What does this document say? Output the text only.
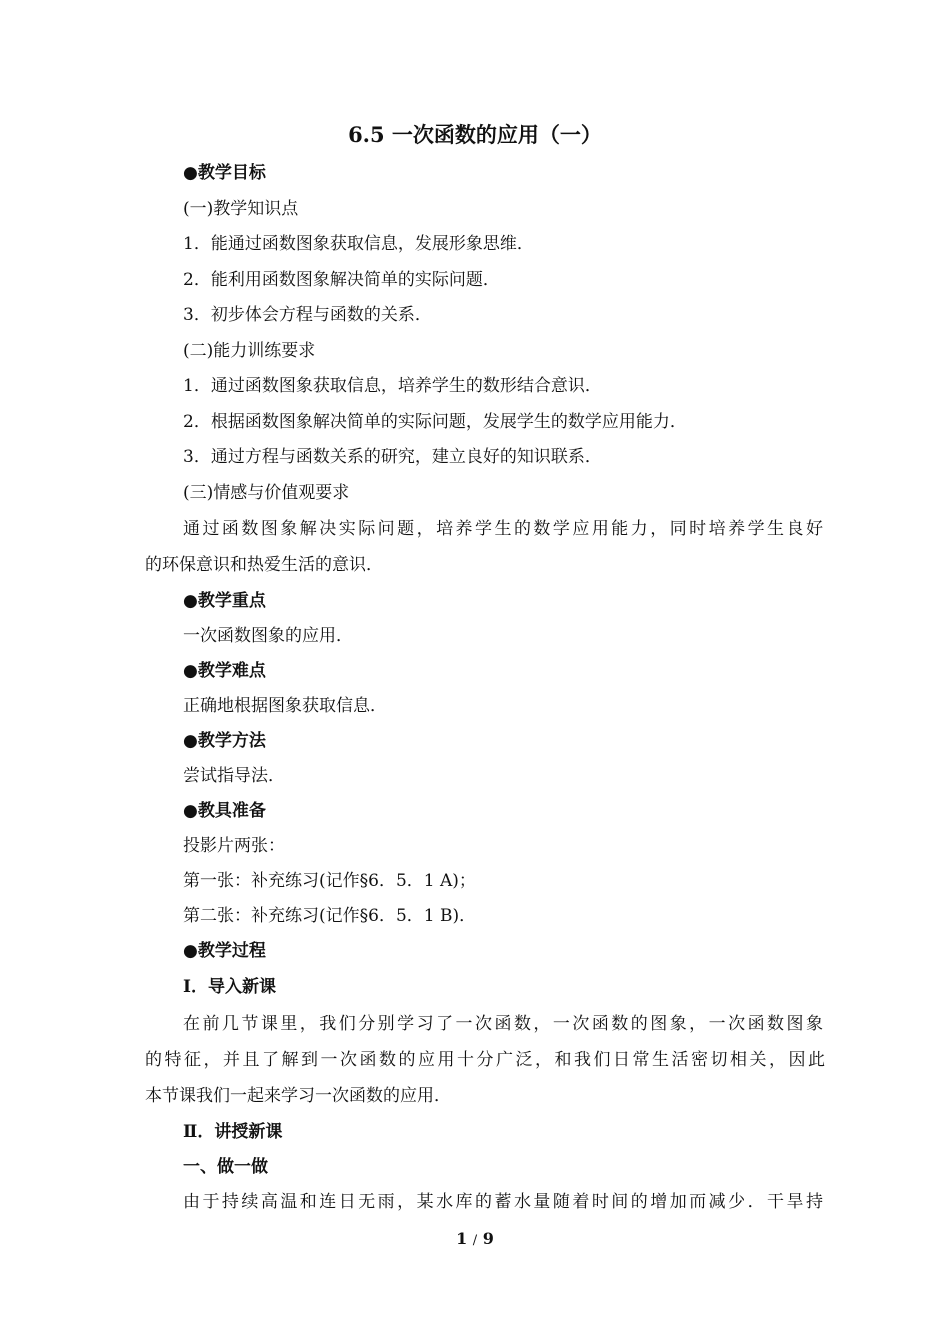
6.5 一次函数的应用（一）
●教学目标
(一)教学知识点
1．能通过函数图象获取信息，发展形象思维．
2．能利用函数图象解决简单的实际问题．
3．初步体会方程与函数的关系．
(二)能力训练要求
1．通过函数图象获取信息，培养学生的数形结合意识．
2．根据函数图象解决简单的实际问题，发展学生的数学应用能力．
3．通过方程与函数关系的研究，建立良好的知识联系．
(三)情感与价值观要求
通过函数图象解决实际问题，培养学生的数学应用能力，同时培养学生良好
的环保意识和热爱生活的意识．
●教学重点
一次函数图象的应用．
●教学难点
正确地根据图象获取信息．
●教学方法
尝试指导法．
●教具准备
投影片两张：
第一张：补充练习(记作§6．5．1 A)；
第二张：补充练习(记作§6．5．1 B)．
●教学过程
Ⅰ．导入新课
在前几节课里，我们分别学习了一次函数，一次函数的图象，一次函数图象
的特征，并且了解到一次函数的应用十分广泛，和我们日常生活密切相关，因此
本节课我们一起来学习一次函数的应用．
Ⅱ．讲授新课
一、做一做
由于持续高温和连日无雨，某水库的蓄水量随着时间的增加而减少．干旱持
1 / 9
